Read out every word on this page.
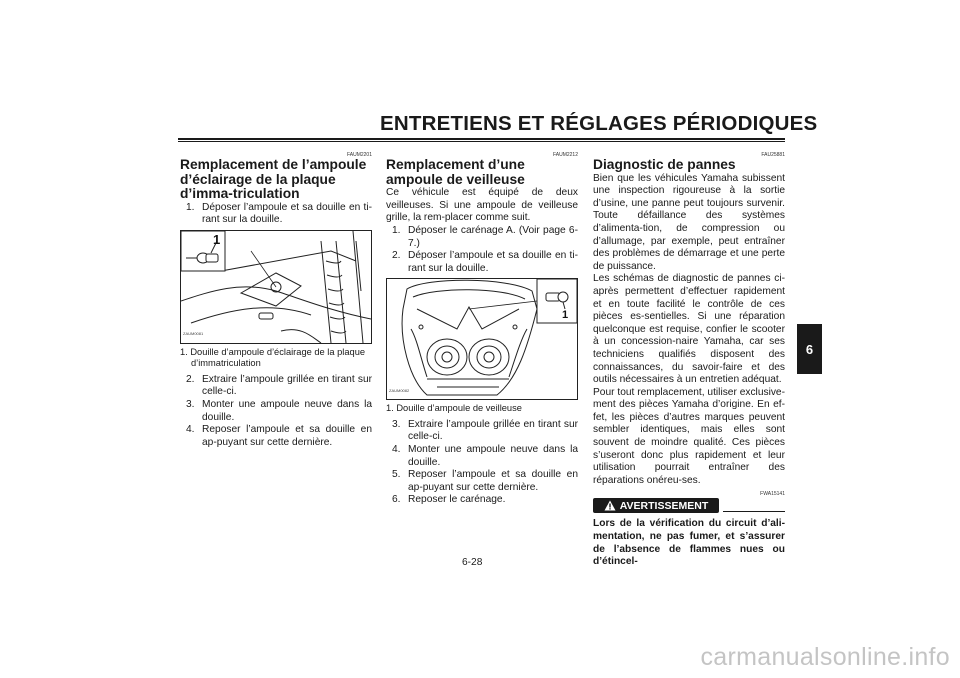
ENTRETIENS ET RÉGLAGES PÉRIODIQUES
6
FAUM2201
Remplacement de l’ampoule d’éclairage de la plaque d’imma-triculation
1. Déposer l’ampoule et sa douille en ti-rant sur la douille.
1
ZAUM0081
1. Douille d’ampoule d’éclairage de la plaque d’immatriculation
2. Extraire l’ampoule grillée en tirant sur celle-ci.
3. Monter une ampoule neuve dans la douille.
4. Reposer l’ampoule et sa douille en ap-puyant sur cette dernière.
FAUM2212
Remplacement d’une ampoule de veilleuse

Ce véhicule est équipé de deux veilleuses. Si une ampoule de veilleuse grille, la rem-placer comme suit.

1. Déposer le carénage A. (Voir page 6-7.)
2. Déposer l’ampoule et sa douille en ti-rant sur la douille.
1
ZAUM0082
1. Douille d’ampoule de veilleuse
3. Extraire l’ampoule grillée en tirant sur celle-ci.
4. Monter une ampoule neuve dans la douille.
5. Reposer l’ampoule et sa douille en ap-puyant sur cette dernière.
6. Reposer le carénage.
FAU25881
Diagnostic de pannes

Bien que les véhicules Yamaha subissent une inspection rigoureuse à la sortie d’usine, une panne peut toujours survenir. Toute défaillance des systèmes d’alimenta-tion, de compression ou d’allumage, par exemple, peut entraîner des problèmes de démarrage et une perte de puissance.

Les schémas de diagnostic de pannes ci-après permettent d’effectuer rapidement et en toute facilité le contrôle de ces pièces es-sentielles. Si une réparation quelconque est requise, confier le scooter à un concession-naire Yamaha, car ses techniciens qualifiés disposent des connaissances, du savoir-faire et des outils nécessaires à un entretien adéquat.

Pour tout remplacement, utiliser exclusive-ment des pièces Yamaha d’origine. En ef-fet, les pièces d’autres marques peuvent sembler identiques, mais elles sont souvent de moindre qualité. Ces pièces s’useront donc plus rapidement et leur utilisation pourrait entraîner des réparations onéreu-ses.

FWA15141
AVERTISSEMENT

Lors de la vérification du circuit d’ali-mentation, ne pas fumer, et s’assurer de l’absence de flammes nues ou d’étincel-

6-28
carmanualsonline.info
